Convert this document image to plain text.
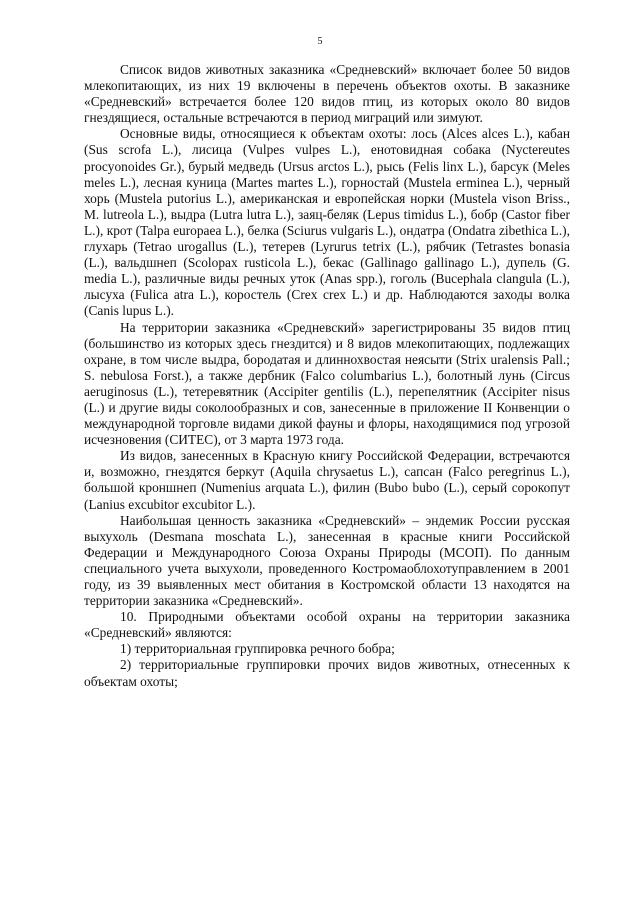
5

Список видов животных заказника «Средневский» включает более 50 видов млекопитающих, из них 19 включены в перечень объектов охоты. В заказнике «Средневский» встречается более 120 видов птиц, из которых около 80 видов гнездящиеся, остальные встречаются в период миграций или зимуют.

Основные виды, относящиеся к объектам охоты: лось (Alces alces L.), кабан (Sus scrofa L.), лисица (Vulpes vulpes L.), енотовидная собака (Nyctereutes procyonoides Gr.), бурый медведь (Ursus arctos L.), рысь (Felis linx L.), барсук (Meles meles L.), лесная куница (Martes martes L.), горностай (Mustela erminea L.), черный хорь (Mustela putorius L.), американская и европейская норки (Mustela vison Briss., M. lutreola L.), выдра (Lutra lutra L.), заяц-беляк (Lepus timidus L.), бобр (Castor fiber L.), крот (Talpa europaea L.), белка (Sciurus vulgaris L.), ондатра (Ondatra zibethica L.), глухарь (Tetrao urogallus (L.), тетерев (Lyrurus tetrix (L.), рябчик (Tetrastes bonasia (L.), вальдшнеп (Scolopax rusticola L.), бекас (Gallinago gallinago L.), дупель (G. media L.), различные виды речных уток (Anas spp.), гоголь (Bucephala clangula (L.), лысуха (Fulica atra L.), коростель (Crex crex L.) и др. Наблюдаются заходы волка (Canis lupus L.).

На территории заказника «Средневский» зарегистрированы 35 видов птиц (большинство из которых здесь гнездится) и 8 видов млекопитающих, подлежащих охране, в том числе выдра, бородатая и длиннохвостая неясыти (Strix uralensis Pall.; S. nebulosa Forst.), а также дербник (Falco columbarius L.), болотный лунь (Circus aeruginosus (L.), тетеревятник (Accipiter gentilis (L.), перепелятник (Accipiter nisus (L.) и другие виды соколообразных и сов, занесенные в приложение II Конвенции о международной торговле видами дикой фауны и флоры, находящимися под угрозой исчезновения (СИТЕС), от 3 марта 1973 года.

Из видов, занесенных в Красную книгу Российской Федерации, встречаются и, возможно, гнездятся беркут (Aquila chrysaetus L.), сапсан (Falco peregrinus L.), большой кроншнеп (Numenius arquata L.), филин (Bubo bubo (L.), серый сорокопут (Lanius excubitor excubitor L.).

Наибольшая ценность заказника «Средневский» – эндемик России русская выхухоль (Desmana moschata L.), занесенная в красные книги Российской Федерации и Международного Союза Охраны Природы (МСОП). По данным специального учета выхухоли, проведенного Костромаоблохотуправлением в 2001 году, из 39 выявленных мест обитания в Костромской области 13 находятся на территории заказника «Средневский».

10. Природными объектами особой охраны на территории заказника «Средневский» являются:

1) территориальная группировка речного бобра;

2) территориальные группировки прочих видов животных, отнесенных к объектам охоты;
